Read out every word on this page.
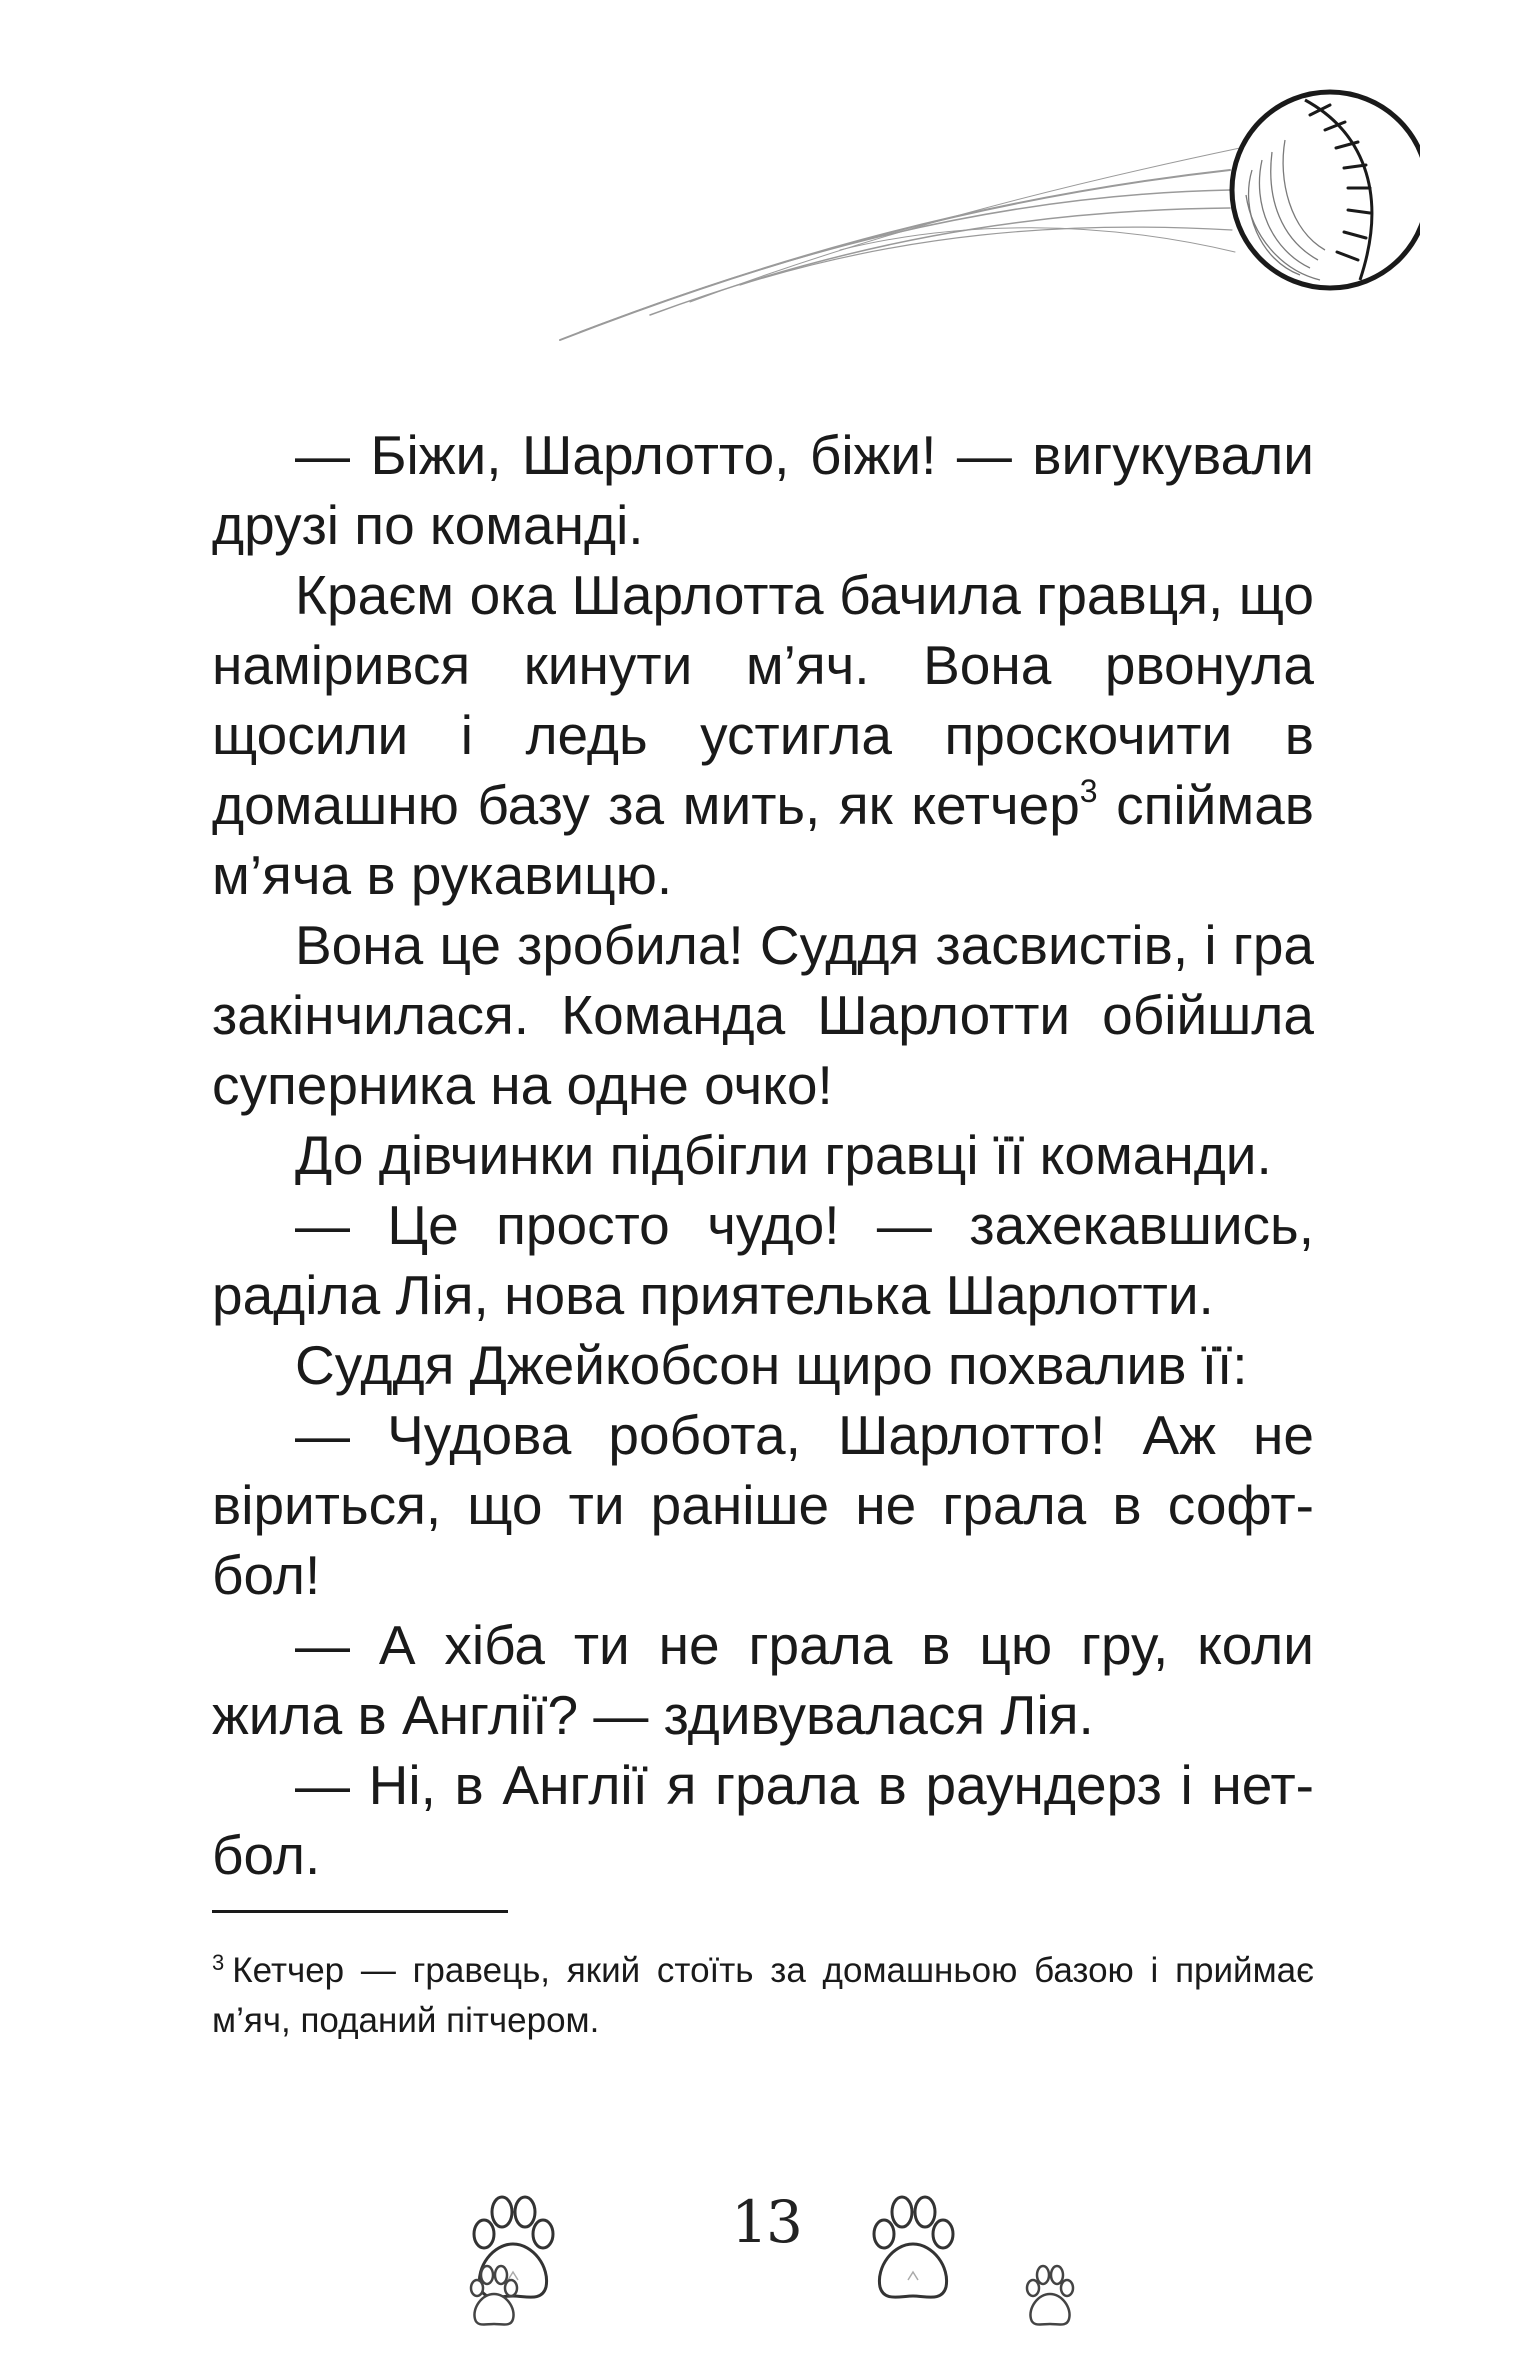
— Біжи, Шарлотто, біжи! — вигукували друзі по команді.

Краєм ока Шарлотта бачила гравця, що намірився кинути м’яч. Вона рвонула щосили і ледь устигла проскочити в домашню базу за мить, як кетчер$^3$ спіймав м’яча в рукавицю.

Вона це зробила! Суддя засвистів, і гра закінчилася. Команда Шарлотти обійшла суперника на одне очко!

До дівчинки підбігли гравці її команди.

— Це просто чудо! — захекавшись, раділа Лія, нова приятелька Шарлотти.

Суддя Джейкобсон щиро похвалив її:

— Чудова робота, Шарлотто! Аж не віриться, що ти раніше не грала в софтбол!

— А хіба ти не грала в цю гру, коли жила в Англії? — здивувалася Лія.

— Ні, в Англії я грала в раундерз і нетбол.

$^3$ Кетчер — гравець, який стоїть за домашньою базою і приймає м’яч, поданий пітчером.
13
